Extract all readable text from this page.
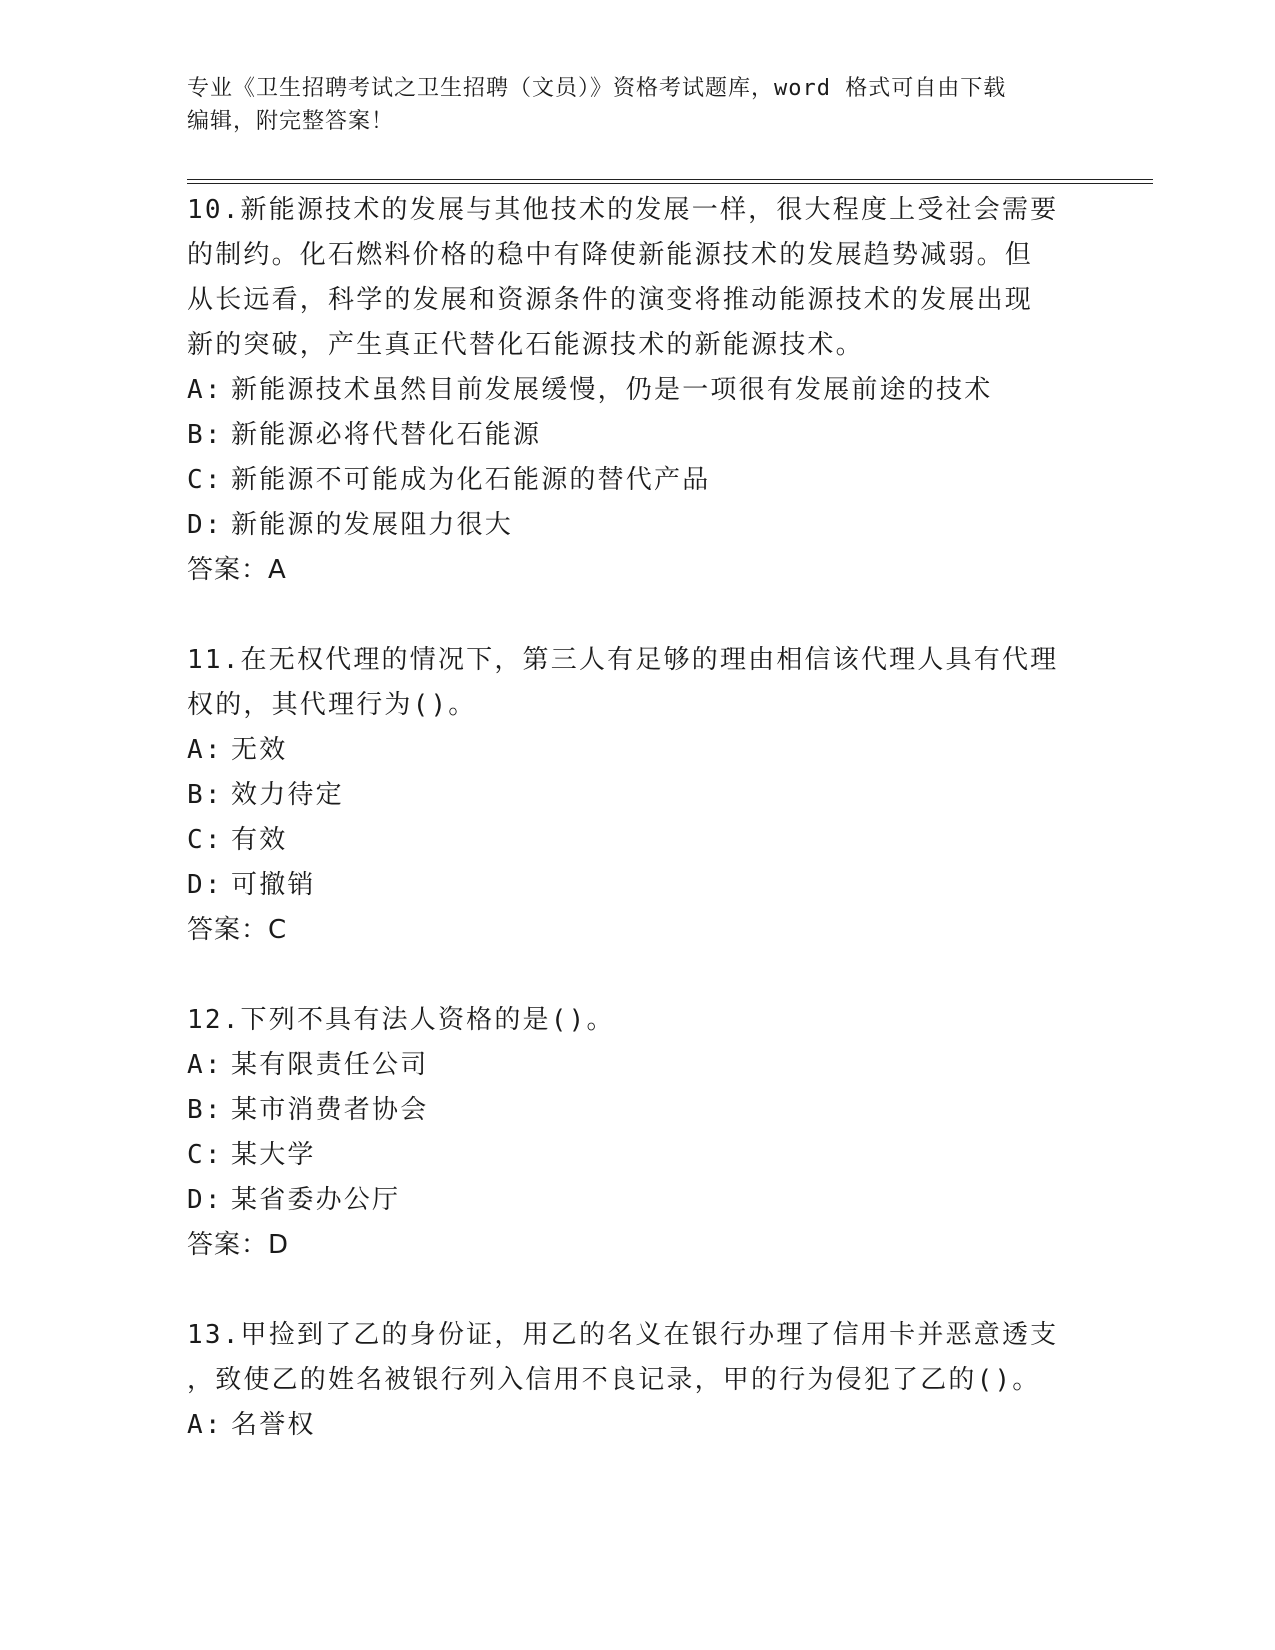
专业《卫生招聘考试之卫生招聘（文员）》资格考试题库，word 格式可自由下载
编辑，附完整答案！

10.新能源技术的发展与其他技术的发展一样，很大程度上受社会需要

的制约。化石燃料价格的稳中有降使新能源技术的发展趋势减弱。但

从长远看，科学的发展和资源条件的演变将推动能源技术的发展出现

新的突破，产生真正代替化石能源技术的新能源技术。

A: 新能源技术虽然目前发展缓慢，仍是一项很有发展前途的技术

B: 新能源必将代替化石能源

C: 新能源不可能成为化石能源的替代产品

D: 新能源的发展阻力很大

答案：A

11.在无权代理的情况下，第三人有足够的理由相信该代理人具有代理

权的，其代理行为()。

A: 无效

B: 效力待定

C: 有效

D: 可撤销

答案：C

12.下列不具有法人资格的是()。

A: 某有限责任公司

B: 某市消费者协会

C: 某大学

D: 某省委办公厅

答案：D

13.甲捡到了乙的身份证，用乙的名义在银行办理了信用卡并恶意透支

，致使乙的姓名被银行列入信用不良记录，甲的行为侵犯了乙的()。

A: 名誉权
